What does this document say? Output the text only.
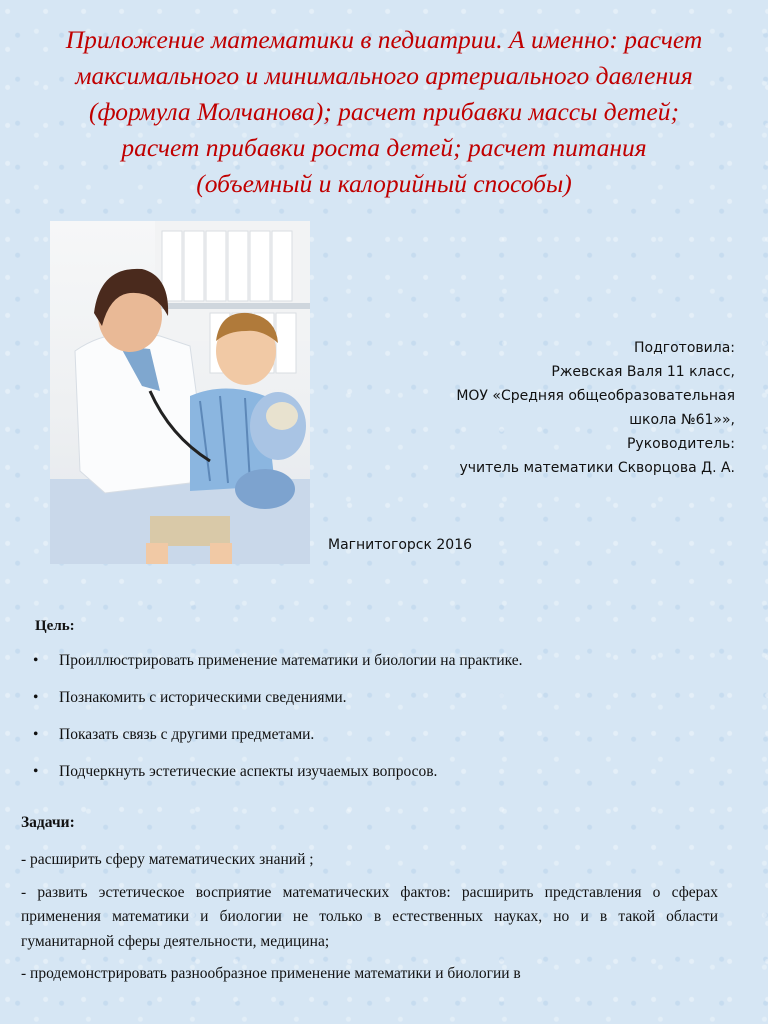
Приложение математики в педиатрии. А именно: расчет
максимального и минимального артериального давления
(формула Молчанова); расчет прибавки массы детей;
расчет прибавки роста детей; расчет питания
(объемный и калорийный способы)
Подготовила:
Ржевская Валя 11 класс,
МОУ «Средняя общеобразовательная
школа №61»»,
Руководитель:
учитель математики Скворцова Д. А.
Магнитогорск 2016
Цель:
• Проиллюстрировать применение математики и биологии на практике.
• Познакомить с историческими сведениями.
• Показать связь с другими предметами.
• Подчеркнуть эстетические аспекты изучаемых вопросов.
Задачи:

- расширить сферу математических знаний ;

- развить эстетическое восприятие математических фактов: расширить представления о сферах применения математики и биологии не только в естественных науках, но и в такой области гуманитарной сферы деятельности, медицина;

- продемонстрировать разнообразное применение математики и биологии в
